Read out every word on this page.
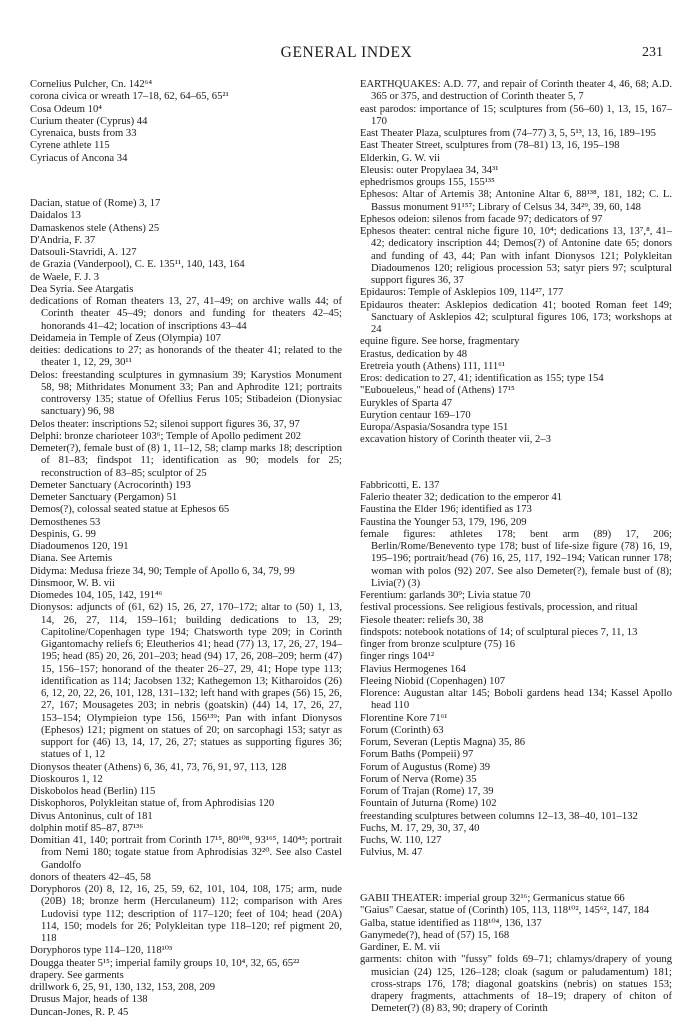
GENERAL INDEX	231

Cornelius Pulcher, Cn. 142⁶⁴

corona civica or wreath 17–18, 62, 64–65, 65²¹

Cosa Odeum 10⁴

Curium theater (Cyprus) 44

Cyrenaica, busts from 33

Cyrene athlete 115

Cyriacus of Ancona 34

Dacian, statue of (Rome) 3, 17

Daidalos 13

Damaskenos stele (Athens) 25

D'Andria, F. 37

Datsouli-Stavridi, A. 127

de Grazia (Vanderpool), C. E. 135¹¹, 140, 143, 164

de Waele, F. J. 3

Dea Syria. See Atargatis

dedications of Roman theaters 13, 27, 41–49; on archive walls 44; of Corinth theater 45–49; donors and funding for theaters 42–45; honorands 41–42; location of inscriptions 43–44

Deidameia in Temple of Zeus (Olympia) 107

deities: dedications to 27; as honorands of the theater 41; related to the theater 1, 12, 29, 30¹¹

Delos: freestanding sculptures in gymnasium 39; Karystios Monument 58, 98; Mithridates Monument 33; Pan and Aphrodite 121; portraits controversy 135; statue of Ofellius Ferus 105; Stibadeion (Dionysiac sanctuary) 96, 98

Delos theater: inscriptions 52; silenoi support figures 36, 37, 97

Delphi: bronze charioteer 103⁶; Temple of Apollo pediment 202

Demeter(?), female bust of (8) 1, 11–12, 58; clamp marks 18; description of 81–83; findspot 11; identification as 90; models for 25; reconstruction of 83–85; sculptor of 25

Demeter Sanctuary (Acrocorinth) 193

Demeter Sanctuary (Pergamon) 51

Demos(?), colossal seated statue at Ephesos 65

Demosthenes 53

Despinis, G. 99

Diadoumenos 120, 191

Diana. See Artemis

Didyma: Medusa frieze 34, 90; Temple of Apollo 6, 34, 79, 99

Dinsmoor, W. B. vii

Diomedes 104, 105, 142, 191⁴⁶

Dionysos: adjuncts of (61, 62) 15, 26, 27, 170–172; altar to (50) 1, 13, 14, 26, 27, 114, 159–161; building dedications to 13, 29; Capitoline/Copenhagen type 194; Chatsworth type 209; in Corinth Gigantomachy reliefs 6; Eleutherios 41; head (77) 13, 17, 26, 27, 194–195; head (85) 20, 26, 201–203; head (94) 17, 26, 208–209; herm (47) 15, 156–157; honorand of the theater 26–27, 29, 41; Hope type 113; identification as 114; Jacobsen 132; Kathegemon 13; Kitharoidos (26) 6, 12, 20, 22, 26, 101, 128, 131–132; left hand with grapes (56) 15, 26, 27, 167; Mousagetes 203; in nebris (goatskin) (44) 14, 17, 26, 27, 153–154; Olympieion type 156, 156¹³⁹; Pan with infant Dionysos (Ephesos) 121; pigment on statues of 20; on sarcophagi 153; satyr as support for (46) 13, 14, 17, 26, 27; statues as supporting figures 36; statues of 1, 12

Dionysos theater (Athens) 6, 36, 41, 73, 76, 91, 97, 113, 128

Dioskouros 1, 12

Diskobolos head (Berlin) 115

Diskophoros, Polykleitan statue of, from Aphrodisias 120

Divus Antoninus, cult of 181

dolphin motif 85–87, 87¹³⁶

Domitian 41, 140; portrait from Corinth 17¹⁵, 80¹⁰⁸, 93¹⁶⁵, 140⁴³; portrait from Nemi 180; togate statue from Aphrodisias 32²⁰. See also Castel Gandolfo

donors of theaters 42–45, 58

Doryphoros (20) 8, 12, 16, 25, 59, 62, 101, 104, 108, 175; arm, nude (20B) 18; bronze herm (Herculaneum) 112; comparison with Ares Ludovisi type 112; description of 117–120; feet of 104; head (20A) 114, 150; models for 26; Polykleitan type 118–120; ref pigment 20, 118

Doryphoros type 114–120, 118¹⁰³

Dougga theater 5¹⁵; imperial family groups 10, 10⁴, 32, 65, 65²²

drapery. See garments

drillwork 6, 25, 91, 130, 132, 153, 208, 209

Drusus Major, heads of 138

Duncan-Jones, R. P. 45

EARTHQUAKES: A.D. 77, and repair of Corinth theater 4, 46, 68; A.D. 365 or 375, and destruction of Corinth theater 5, 7

east parodos: importance of 15; sculptures from (56–60) 1, 13, 15, 167–170

East Theater Plaza, sculptures from (74–77) 3, 5, 5¹³, 13, 16, 189–195

East Theater Street, sculptures from (78–81) 13, 16, 195–198

Elderkin, G. W. vii

Eleusis: outer Propylaea 34, 34³¹

ephedrismos groups 155, 155¹³⁵

Ephesos: Altar of Artemis 38; Antonine Altar 6, 88¹³⁸, 181, 182; C. L. Bassus monument 91¹⁵⁷; Library of Celsus 34, 34²⁹, 39, 60, 148

Ephesos odeion: silenos from facade 97; dedicators of 97

Ephesos theater: central niche figure 10, 10⁴; dedications 13, 13⁷,⁸, 41–42; dedicatory inscription 44; Demos(?) of Antonine date 65; donors and funding of 43, 44; Pan with infant Dionysos 121; Polykleitan Diadoumenos 120; religious procession 53; satyr piers 97; sculptural support figures 36, 37

Epidauros: Temple of Asklepios 109, 114²⁷, 177

Epidauros theater: Asklepios dedication 41; booted Roman feet 149; Sanctuary of Asklepios 42; sculptural figures 106, 173; workshops at 24

equine figure. See horse, fragmentary

Erastus, dedication by 48

Eretreia youth (Athens) 111, 111⁶¹

Eros: dedication to 27, 41; identification as 155; type 154

"Euboueleus," head of (Athens) 17¹⁵

Eurykles of Sparta 47

Eurytion centaur 169–170

Europa/Aspasia/Sosandra type 151

excavation history of Corinth theater vii, 2–3

Fabbricotti, E. 137

Falerio theater 32; dedication to the emperor 41

Faustina the Elder 196; identified as 173

Faustina the Younger 53, 179, 196, 209

female figures: athletes 178; bent arm (89) 17, 206; Berlin/Rome/Benevento type 178; bust of life-size figure (78) 16, 19, 195–196; portrait/head (76) 16, 25, 117, 192–194; Vatican runner 178; woman with polos (92) 207. See also Demeter(?), female bust of (8); Livia(?) (3)

Ferentium: garlands 30⁹; Livia statue 70

festival processions. See religious festivals, procession, and ritual

Fiesole theater: reliefs 30, 38

findspots: notebook notations of 14; of sculptural pieces 7, 11, 13

finger from bronze sculpture (75) 16

finger rings 104¹²

Flavius Hermogenes 164

Fleeing Niobid (Copenhagen) 107

Florence: Augustan altar 145; Boboli gardens head 134; Kassel Apollo head 110

Florentine Kore 71⁶¹

Forum (Corinth) 63

Forum, Severan (Leptis Magna) 35, 86

Forum Baths (Pompeii) 97

Forum of Augustus (Rome) 39

Forum of Nerva (Rome) 35

Forum of Trajan (Rome) 17, 39

Fountain of Juturna (Rome) 102

freestanding sculptures between columns 12–13, 38–40, 101–132

Fuchs, M. 17, 29, 30, 37, 40

Fuchs, W. 110, 127

Fulvius, M. 47

GABII THEATER: imperial group 32¹⁶; Germanicus statue 66

"Gaius" Caesar, statue of (Corinth) 105, 113, 118¹⁰², 145⁶², 147, 184

Galba, statue identified as 118¹⁰⁴, 136, 137

Ganymede(?), head of (57) 15, 168

Gardiner, E. M. vii

garments: chiton with "fussy" folds 69–71; chlamys/drapery of young musician (24) 125, 126–128; cloak (sagum or paludamentum) 181; cross-straps 176, 178; diagonal goatskins (nebris) on statues 153; drapery fragments, attachments of 18–19; drapery of chiton of Demeter(?) (8) 83, 90; drapery of Corinth
